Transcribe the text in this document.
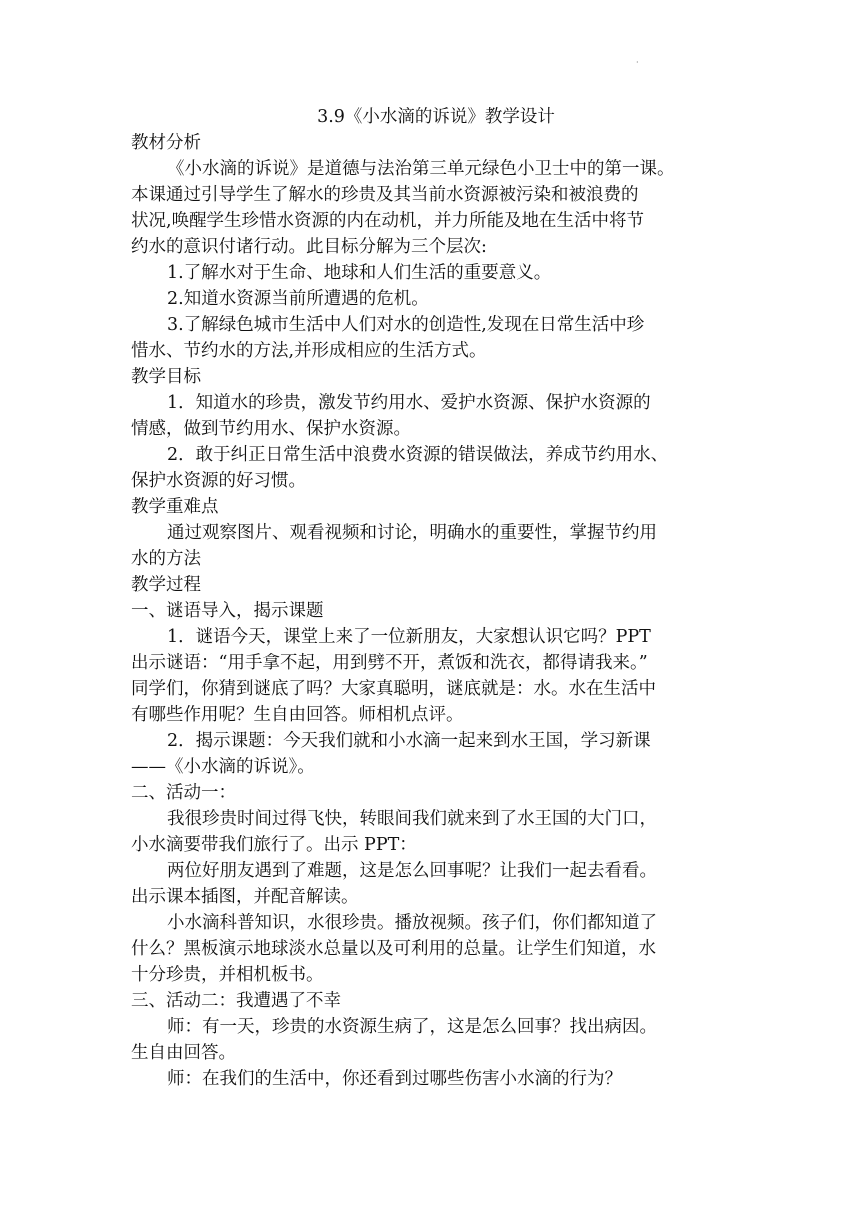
·
3.9《小水滴的诉说》教学设计
教材分析
《小水滴的诉说》是道德与法治第三单元绿色小卫士中的第一课。
本课通过引导学生了解水的珍贵及其当前水资源被污染和被浪费的
状况,唤醒学生珍惜水资源的内在动机，并力所能及地在生活中将节
约水的意识付诸行动。此目标分解为三个层次:
1.了解水对于生命、地球和人们生活的重要意义。
2.知道水资源当前所遭遇的危机。
3.了解绿色城市生活中人们对水的创造性,发现在日常生活中珍
惜水、节约水的方法,并形成相应的生活方式。
教学目标
1．知道水的珍贵，激发节约用水、爱护水资源、保护水资源的
情感，做到节约用水、保护水资源。
2．敢于纠正日常生活中浪费水资源的错误做法，养成节约用水、
保护水资源的好习惯。
教学重难点
通过观察图片、观看视频和讨论，明确水的重要性，掌握节约用
水的方法
教学过程
一、谜语导入，揭示课题
1．谜语今天，课堂上来了一位新朋友，大家想认识它吗？PPT
出示谜语：“用手拿不起，用到劈不开，煮饭和洗衣，都得请我来。”
同学们，你猜到谜底了吗？大家真聪明，谜底就是：水。水在生活中
有哪些作用呢？生自由回答。师相机点评。
2．揭示课题：今天我们就和小水滴一起来到水王国，学习新课
——《小水滴的诉说》。
二、活动一：
我很珍贵时间过得飞快，转眼间我们就来到了水王国的大门口，
小水滴要带我们旅行了。出示 PPT：
两位好朋友遇到了难题，这是怎么回事呢？让我们一起去看看。
出示课本插图，并配音解读。
小水滴科普知识，水很珍贵。播放视频。孩子们，你们都知道了
什么？黑板演示地球淡水总量以及可利用的总量。让学生们知道，水
十分珍贵，并相机板书。
三、活动二：我遭遇了不幸
师：有一天，珍贵的水资源生病了，这是怎么回事？找出病因。
生自由回答。
师：在我们的生活中，你还看到过哪些伤害小水滴的行为？
